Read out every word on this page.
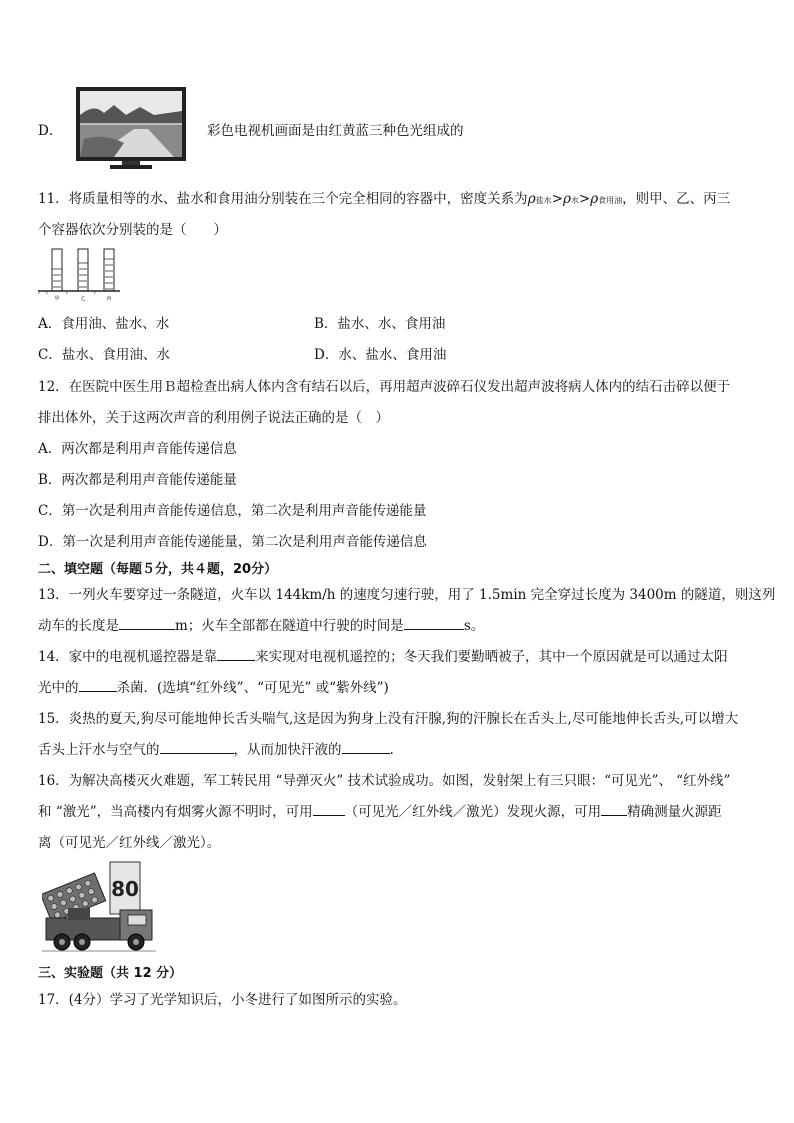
D．	彩色电视机画面是由红黄蓝三种色光组成的
11．将质量相等的水、盐水和食用油分别装在三个完全相同的容器中，密度关系为ρ盐水>ρ水>ρ食用油，则甲、乙、丙三
个容器依次分别装的是（　　）
甲	乙	丙
A．食用油、盐水、水	B．盐水、水、食用油
C．盐水、食用油、水	D．水、盐水、食用油
12．在医院中医生用Ｂ超检查出病人体内含有结石以后，再用超声波碎石仪发出超声波将病人体内的结石击碎以便于
排出体外，关于这两次声音的利用例子说法正确的是（　）
A．两次都是利用声音能传递信息
B．两次都是利用声音能传递能量
C．第一次是利用声音能传递信息，第二次是利用声音能传递能量
D．第一次是利用声音能传递能量，第二次是利用声音能传递信息
二、填空题（每题５分，共４题，20分）
13．一列火车要穿过一条隧道，火车以 144km/h 的速度匀速行驶，用了 1.5min 完全穿过长度为 3400m 的隧道，则这列
动车的长度是	m；火车全部都在隧道中行驶的时间是	s。
14．家中的电视机遥控器是靠	来实现对电视机遥控的；冬天我们要勤晒被子，其中一个原因就是可以通过太阳
光中的	杀菌．(选填“红外线”、“可见光” 或“紫外线”)
15．炎热的夏天,狗尽可能地伸长舌头喘气,这是因为狗身上没有汗腺,狗的汗腺长在舌头上,尽可能地伸长舌头,可以增大
舌头上汗水与空气的	，从而加快汗液的	.
16．为解决高楼灭火难题，军工转民用 “导弹灭火” 技术试验成功。如图，发射架上有三只眼：“可见光”、 “红外线”
和 “激光”，当高楼内有烟雾火源不明时，可用 （可见光／红外线／激光）发现火源，可用 精确测量火源距
离（可见光／红外线／激光）。
80
三、实验题（共 12 分）
17．(4分）学习了光学知识后，小冬进行了如图所示的实验。
